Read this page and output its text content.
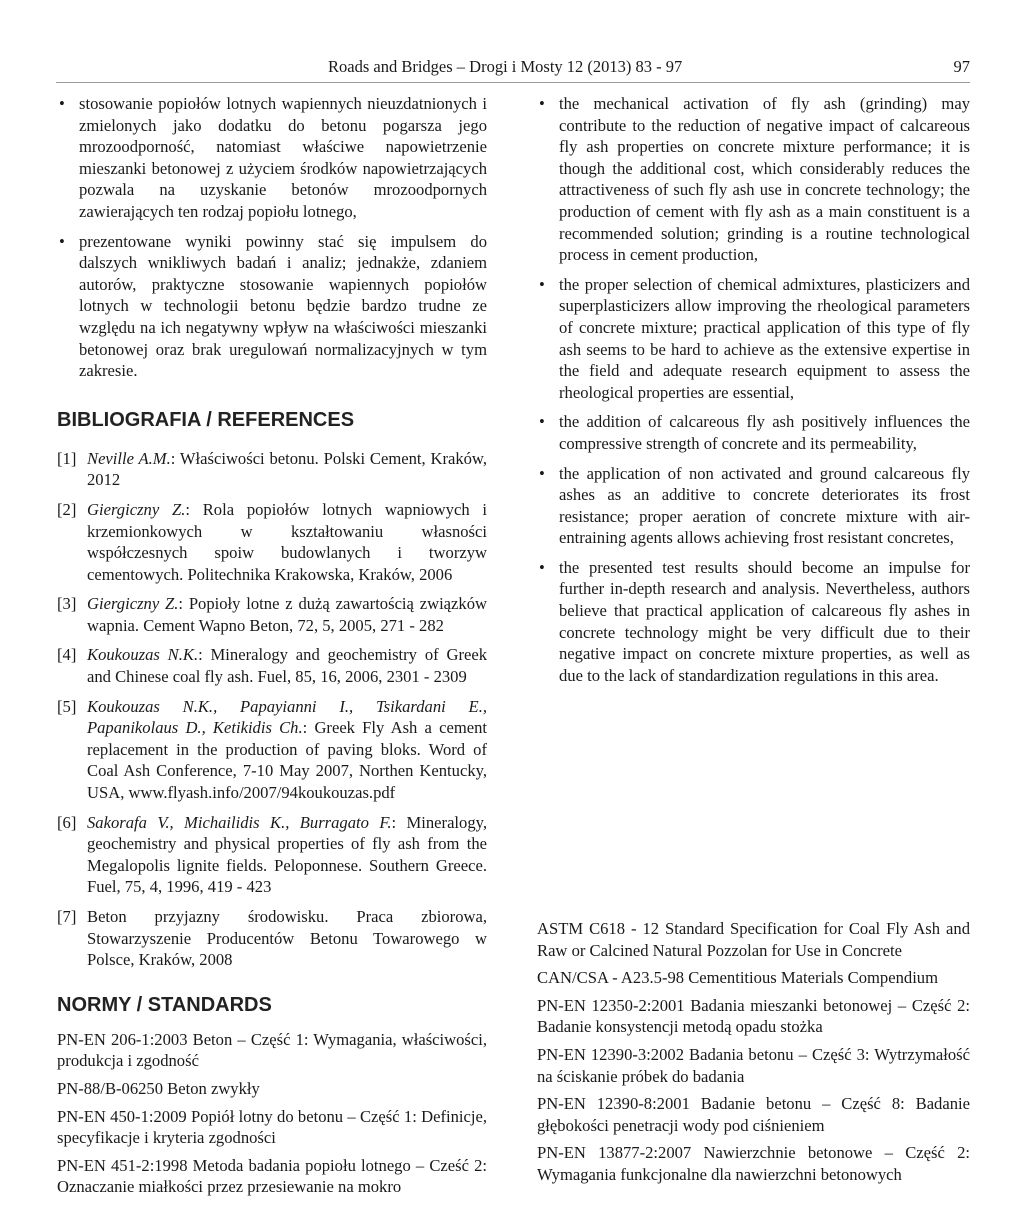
Roads and Bridges – Drogi i Mosty 12 (2013) 83 - 97	97
• stosowanie popiołów lotnych wapiennych nieuzdatnionych i zmielonych jako dodatku do betonu pogarsza jego mrozoodporność, natomiast właściwe napowietrzenie mieszanki betonowej z użyciem środków napowietrzających pozwala na uzyskanie betonów mrozoodpornych zawierających ten rodzaj popiołu lotnego,
• prezentowane wyniki powinny stać się impulsem do dalszych wnikliwych badań i analiz; jednakże, zdaniem autorów, praktyczne stosowanie wapiennych popiołów lotnych w technologii betonu będzie bardzo trudne ze względu na ich negatywny wpływ na właściwości mieszanki betonowej oraz brak uregulowań normalizacyjnych w tym zakresie.
BIBLIOGRAFIA / REFERENCES
[1] Neville A.M.: Właściwości betonu. Polski Cement, Kraków, 2012
[2] Giergiczny Z.: Rola popiołów lotnych wapniowych i krzemionkowych w kształtowaniu własności współczesnych spoiw budowlanych i tworzyw cementowych. Politechnika Krakowska, Kraków, 2006
[3] Giergiczny Z.: Popioły lotne z dużą zawartością związków wapnia. Cement Wapno Beton, 72, 5, 2005, 271 - 282
[4] Koukouzas N.K.: Mineralogy and geochemistry of Greek and Chinese coal fly ash. Fuel, 85, 16, 2006, 2301 - 2309
[5] Koukouzas N.K., Papayianni I., Tsikardani E., Papanikolaus D., Ketikidis Ch.: Greek Fly Ash a cement replacement in the production of paving bloks. Word of Coal Ash Conference, 7-10 May 2007, Northen Kentucky, USA, www.flyash.info/2007/94koukouzas.pdf
[6] Sakorafa V., Michailidis K., Burragato F.: Mineralogy, geochemistry and physical properties of fly ash from the Megalopolis lignite fields. Peloponnese. Southern Greece. Fuel, 75, 4, 1996, 419 - 423
[7] Beton przyjazny środowisku. Praca zbiorowa, Stowarzyszenie Producentów Betonu Towarowego w Polsce, Kraków, 2008
NORMY / STANDARDS

PN-EN 206-1:2003 Beton – Część 1: Wymagania, właściwości, produkcja i zgodność

PN-88/B-06250 Beton zwykły

PN-EN 450-1:2009 Popiół lotny do betonu – Część 1: Definicje, specyfikacje i kryteria zgodności

PN-EN 451-2:1998 Metoda badania popiołu lotnego – Cześć 2: Oznaczanie miałkości przez przesiewanie na mokro

• the mechanical activation of fly ash (grinding) may contribute to the reduction of negative impact of calcareous fly ash properties on concrete mixture performance; it is though the additional cost, which considerably reduces the attractiveness of such fly ash use in concrete technology; the production of cement with fly ash as a main constituent is a recommended solution; grinding is a routine technological process in cement production,
• the proper selection of chemical admixtures, plasticizers and superplasticizers allow improving the rheological parameters of concrete mixture; practical application of this type of fly ash seems to be hard to achieve as the extensive expertise in the field and adequate research equipment to assess the rheological properties are essential,
• the addition of calcareous fly ash positively influences the compressive strength of concrete and its permeability,
• the application of non activated and ground calcareous fly ashes as an additive to concrete deteriorates its frost resistance; proper aeration of concrete mixture with air-entraining agents allows achieving frost resistant concretes,
• the presented test results should become an impulse for further in-depth research and analysis. Nevertheless, authors believe that practical application of calcareous fly ashes in concrete technology might be very difficult due to their negative impact on concrete mixture properties, as well as due to the lack of standardization regulations in this area.

ASTM C618 - 12 Standard Specification for Coal Fly Ash and Raw or Calcined Natural Pozzolan for Use in Concrete

CAN/CSA - A23.5-98 Cementitious Materials Compendium

PN-EN 12350-2:2001 Badania mieszanki betonowej – Część 2: Badanie konsystencji metodą opadu stożka

PN-EN 12390-3:2002 Badania betonu – Część 3: Wytrzymałość na ściskanie próbek do badania

PN-EN 12390-8:2001 Badanie betonu – Część 8: Badanie głębokości penetracji wody pod ciśnieniem

PN-EN 13877-2:2007 Nawierzchnie betonowe – Część 2: Wymagania funkcjonalne dla nawierzchni betonowych
